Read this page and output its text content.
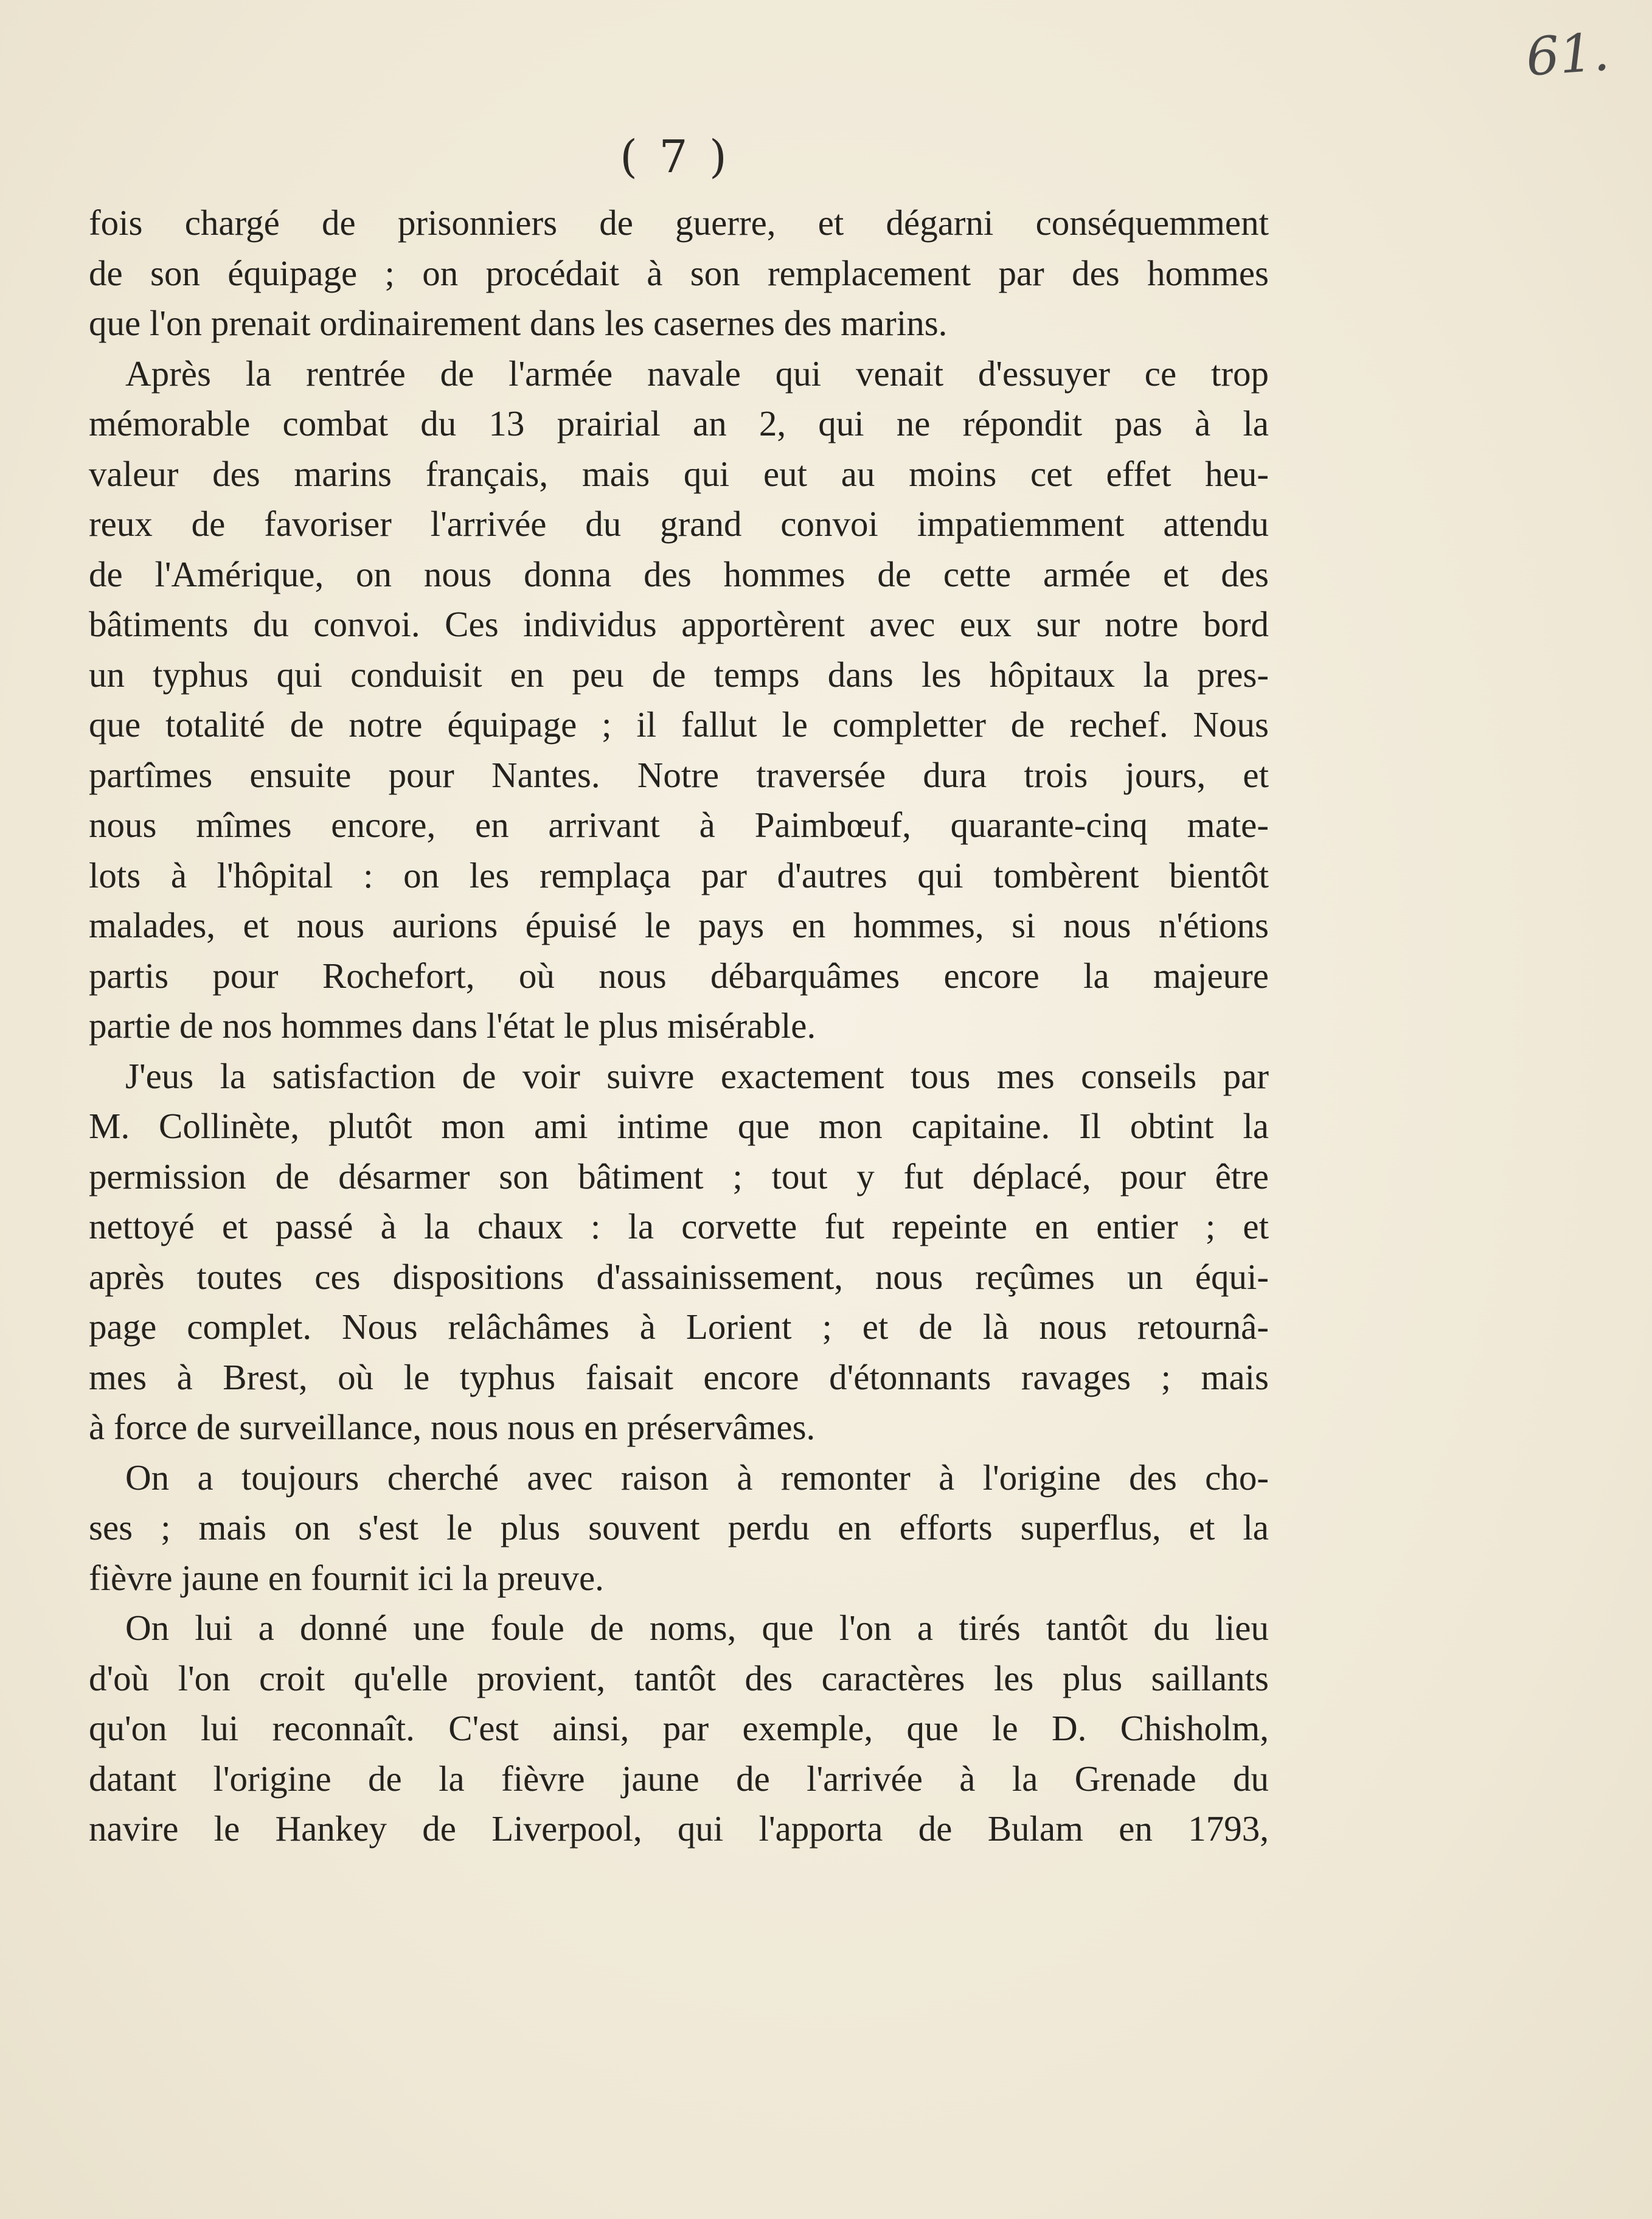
61.
( 7 )
fois chargé de prisonniers de guerre, et dégarni conséquemment
de son équipage ; on procédait à son remplacement par des hommes
que l'on prenait ordinairement dans les casernes des marins.
Après la rentrée de l'armée navale qui venait d'essuyer ce trop
mémorable combat du 13 prairial an 2, qui ne répondit pas à la
valeur des marins français, mais qui eut au moins cet effet heu-
reux de favoriser l'arrivée du grand convoi impatiemment attendu
de l'Amérique, on nous donna des hommes de cette armée et des
bâtiments du convoi. Ces individus apportèrent avec eux sur notre bord
un typhus qui conduisit en peu de temps dans les hôpitaux la pres-
que totalité de notre équipage ; il fallut le completter de rechef. Nous
partîmes ensuite pour Nantes. Notre traversée dura trois jours, et
nous mîmes encore, en arrivant à Paimbœuf, quarante-cinq mate-
lots à l'hôpital : on les remplaça par d'autres qui tombèrent bientôt
malades, et nous aurions épuisé le pays en hommes, si nous n'étions
partis pour Rochefort, où nous débarquâmes encore la majeure
partie de nos hommes dans l'état le plus misérable.
J'eus la satisfaction de voir suivre exactement tous mes conseils par
M. Collinète, plutôt mon ami intime que mon capitaine. Il obtint la
permission de désarmer son bâtiment ; tout y fut déplacé, pour être
nettoyé et passé à la chaux : la corvette fut repeinte en entier ; et
après toutes ces dispositions d'assainissement, nous reçûmes un équi-
page complet. Nous relâchâmes à Lorient ; et de là nous retournâ-
mes à Brest, où le typhus faisait encore d'étonnants ravages ; mais
à force de surveillance, nous nous en préservâmes.
On a toujours cherché avec raison à remonter à l'origine des cho-
ses ; mais on s'est le plus souvent perdu en efforts superflus, et la
fièvre jaune en fournit ici la preuve.
On lui a donné une foule de noms, que l'on a tirés tantôt du lieu
d'où l'on croit qu'elle provient, tantôt des caractères les plus saillants
qu'on lui reconnaît. C'est ainsi, par exemple, que le D. Chisholm,
datant l'origine de la fièvre jaune de l'arrivée à la Grenade du
navire le Hankey de Liverpool, qui l'apporta de Bulam en 1793,
